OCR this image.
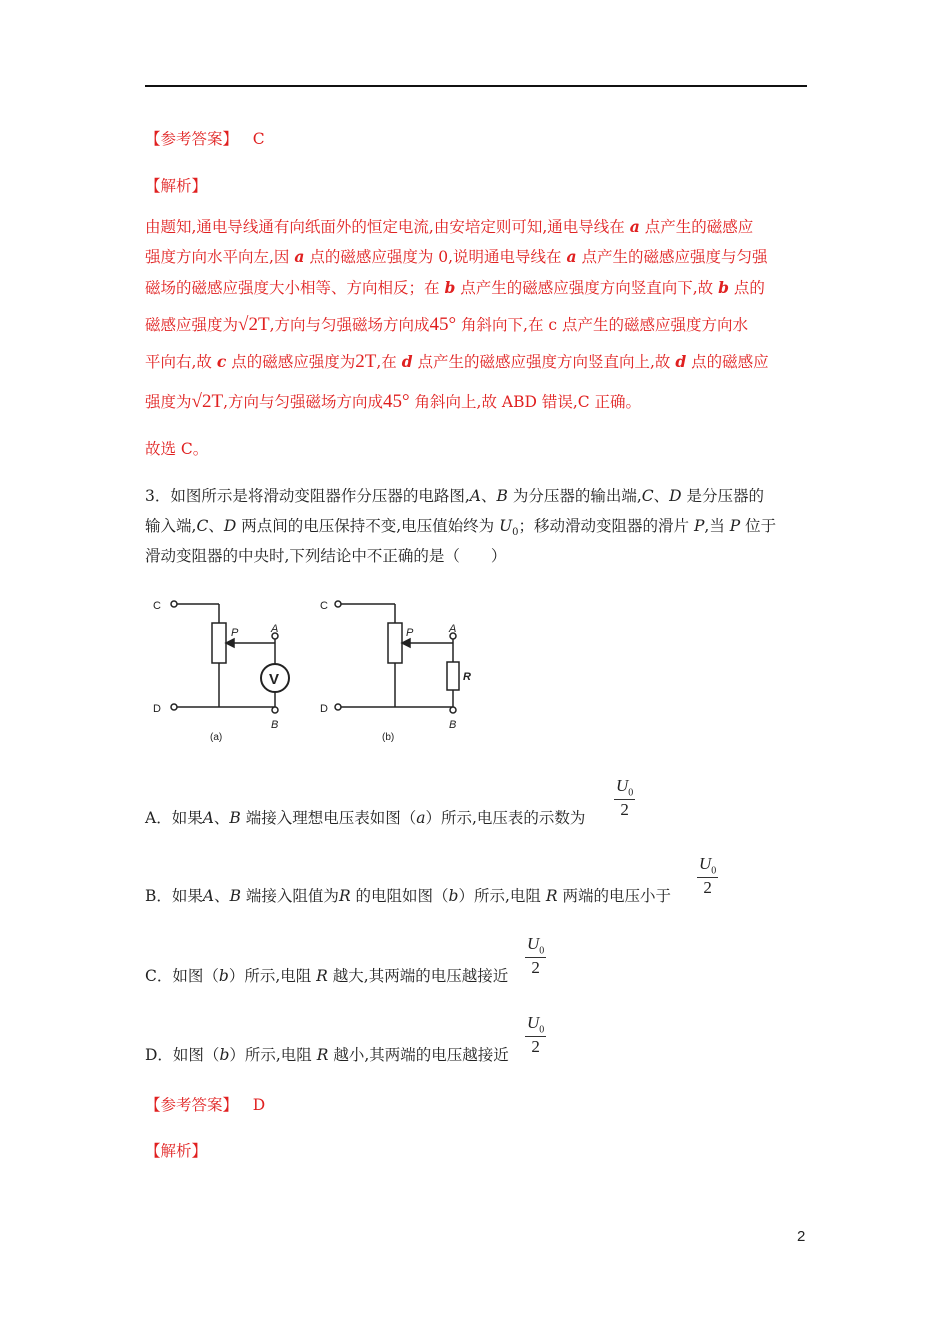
【参考答案】 C
【解析】
由题知,通电导线通有向纸面外的恒定电流,由安培定则可知,通电导线在 a 点产生的磁感应
强度方向水平向左,因 a 点的磁感应强度为 0,说明通电导线在 a 点产生的磁感应强度与匀强
磁场的磁感应强度大小相等、方向相反；在 b 点产生的磁感应强度方向竖直向下,故 b 点的
磁感应强度为√2T,方向与匀强磁场方向成45° 角斜向下,在 c 点产生的磁感应强度方向水
平向右,故 c 点的磁感应强度为2T,在 d 点产生的磁感应强度方向竖直向上,故 d 点的磁感应
强度为√2T,方向与匀强磁场方向成45° 角斜向上,故 ABD 错误,C 正确。
故选 C。
3．如图所示是将滑动变阻器作分压器的电路图,A、B 为分压器的输出端,C、D 是分压器的
输入端,C、D 两点间的电压保持不变,电压值始终为 $U_0$；移动滑动变阻器的滑片 P,当 P 位于
滑动变阻器的中央时,下列结论中不正确的是（　　）
C
D
P	A
B
V
(a)
C
D
P	A
B
R
(b)
A．如果A、B 端接入理想电压表如图（a）所示,电压表的示数为 $\frac{U_0}{2}$
B．如果A、B 端接入阻值为R 的电阻如图（b）所示,电阻 R 两端的电压小于 $\frac{U_0}{2}$
C．如图（b）所示,电阻 R 越大,其两端的电压越接近 $\frac{U_0}{2}$
D．如图（b）所示,电阻 R 越小,其两端的电压越接近 $\frac{U_0}{2}$
【参考答案】 D
【解析】
2
